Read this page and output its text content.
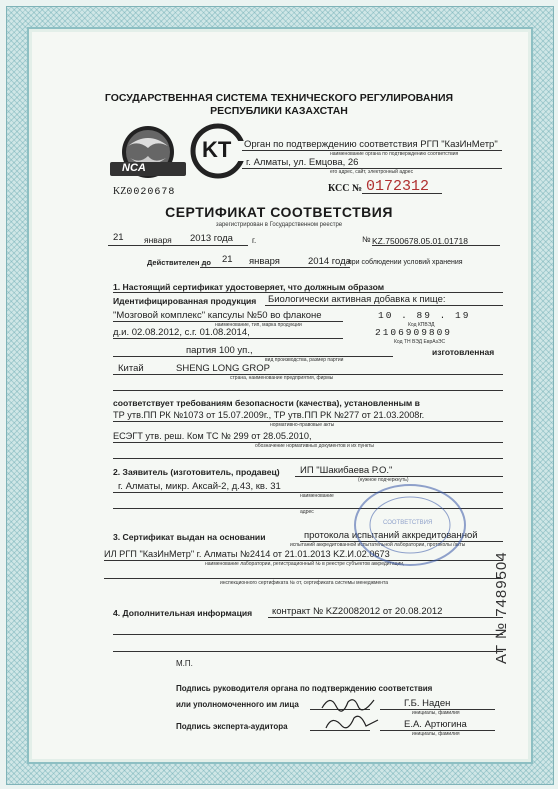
ГОСУДАРСТВЕННАЯ СИСТЕМА ТЕХНИЧЕСКОГО РЕГУЛИРОВАНИЯ
РЕСПУБЛИКИ КАЗАХСТАН
NCA
KT Орган по подтверждению соответствия РГП "КазИнМетр"
наименование органа по подтверждению соответствия
г. Алматы, ул. Емцова, 26
его адрес, сайт, электронный адрес
KZ0020678	КСС № 0172312
СЕРТИФИКАТ СООТВЕТСТВИЯ
зарегистрирован в Государственном реестре
21 января 2013 года г.	№ KZ.7500678.05.01.01718
Действителен до 21 января	2014 года
при соблюдении условий хранения
1. Настоящий сертификат удостоверяет, что должным образом
Идентифицированная продукция Биологически активная добавка к пище:
"Мозговой комплекс" капсулы №50 во флаконе
наименование, тип, марка продукции
10 . 89 . 19
Код КПВЭД
д.и. 02.08.2012, с.г. 01.08.2014,	2106909809
Код ТН ВЭД ЕврАзЭС
партия 100 уп.,
вид производства, размер партии
изготовленная
Китай	SHENG LONG GROP
страна, наименование предприятия, фирмы
соответствует требованиям безопасности (качества), установленным в
ТР утв.ПП РК №1073 от 15.07.2009г., ТР утв.ПП РК №277 от 21.03.2008г.
нормативно-правовые акты
ЕСЭГТ утв. реш. Ком ТС № 299 от 28.05.2010,
обозначение нормативных документов и их пункты
2. Заявитель (изготовитель, продавец) ИП "Шакибаева Р.О."
(нужное подчеркнуть)
г. Алматы, микр. Аксай-2, д.43, кв. 31
наименование
адрес
3. Сертификат выдан на основании	протокола испытаний аккредитованной
испытаний аккредитованной испытательной лаборатории, протоколы /акты
ИЛ РГП "КазИнМетр" г. Алматы №2414 от 21.01.2013 KZ.И.02.0673
наименование лаборатории, регистрационный № в реестре субъектов аккредитации,
инспекционного сертификата № от, сертификата системы менеджмента
4. Дополнительная информация контракт № KZ20082012 от 20.08.2012
СООТВЕТСТВИЯ
М.П.
Подпись руководителя органа по подтверждению соответствия
или уполномоченного им лица	Г.Б. Наден
инициалы, фамилия
Подпись эксперта-аудитора	Е.А. Артюгина
инициалы, фамилия
AT № 7489504
